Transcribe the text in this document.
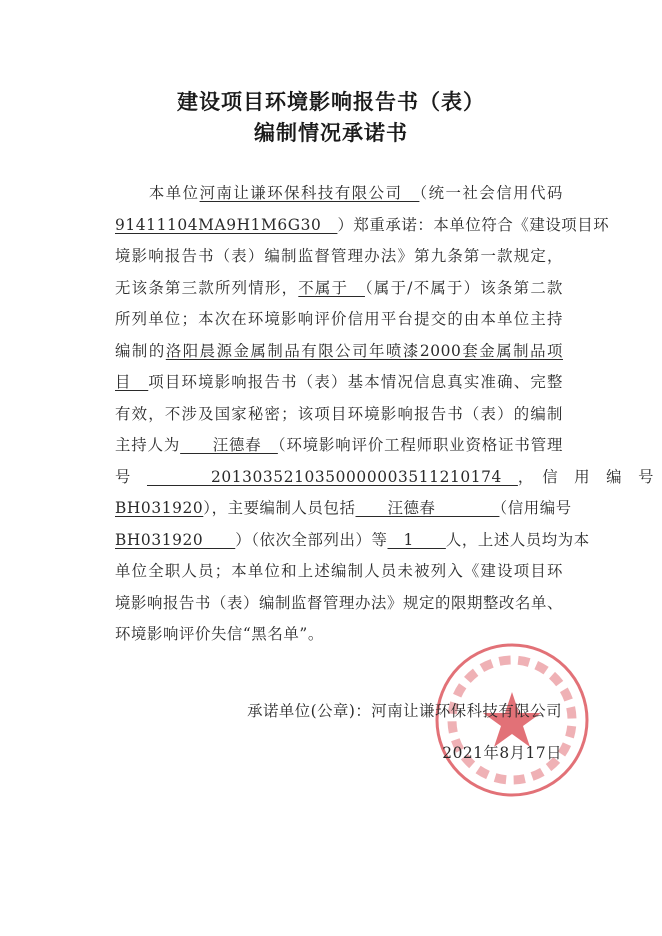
建设项目环境影响报告书（表）
编制情况承诺书
　　本单位河南让谦环保科技有限公司　（统一社会信用代码
91411104MA9H1M6G30　）郑重承诺：本单位符合《建设项目环
境影响报告书（表）编制监督管理办法》第九条第一款规定，
无该条第三款所列情形，不属于　（属于/不属于）该条第二款
所列单位；本次在环境影响评价信用平台提交的由本单位主持
编制的洛阳晨源金属制品有限公司年喷漆2000套金属制品项
目　项目环境影响报告书（表）基本情况信息真实准确、完整
有效，不涉及国家秘密；该项目环境影响报告书（表）的编制
主持人为　　汪德春　（环境影响评价工程师职业资格证书管理
号　　　　　2013035210350000003511210174　，　信　用　编　号
BH031920），主要编制人员包括　　汪德春　　　　（信用编号
BH031920　　）（依次全部列出）等　1　　人，上述人员均为本
单位全职人员；本单位和上述编制人员未被列入《建设项目环
境影响报告书（表）编制监督管理办法》规定的限期整改名单、
环境影响评价失信“黑名单”。
承诺单位(公章)：河南让谦环保科技有限公司
2021年8月17日
